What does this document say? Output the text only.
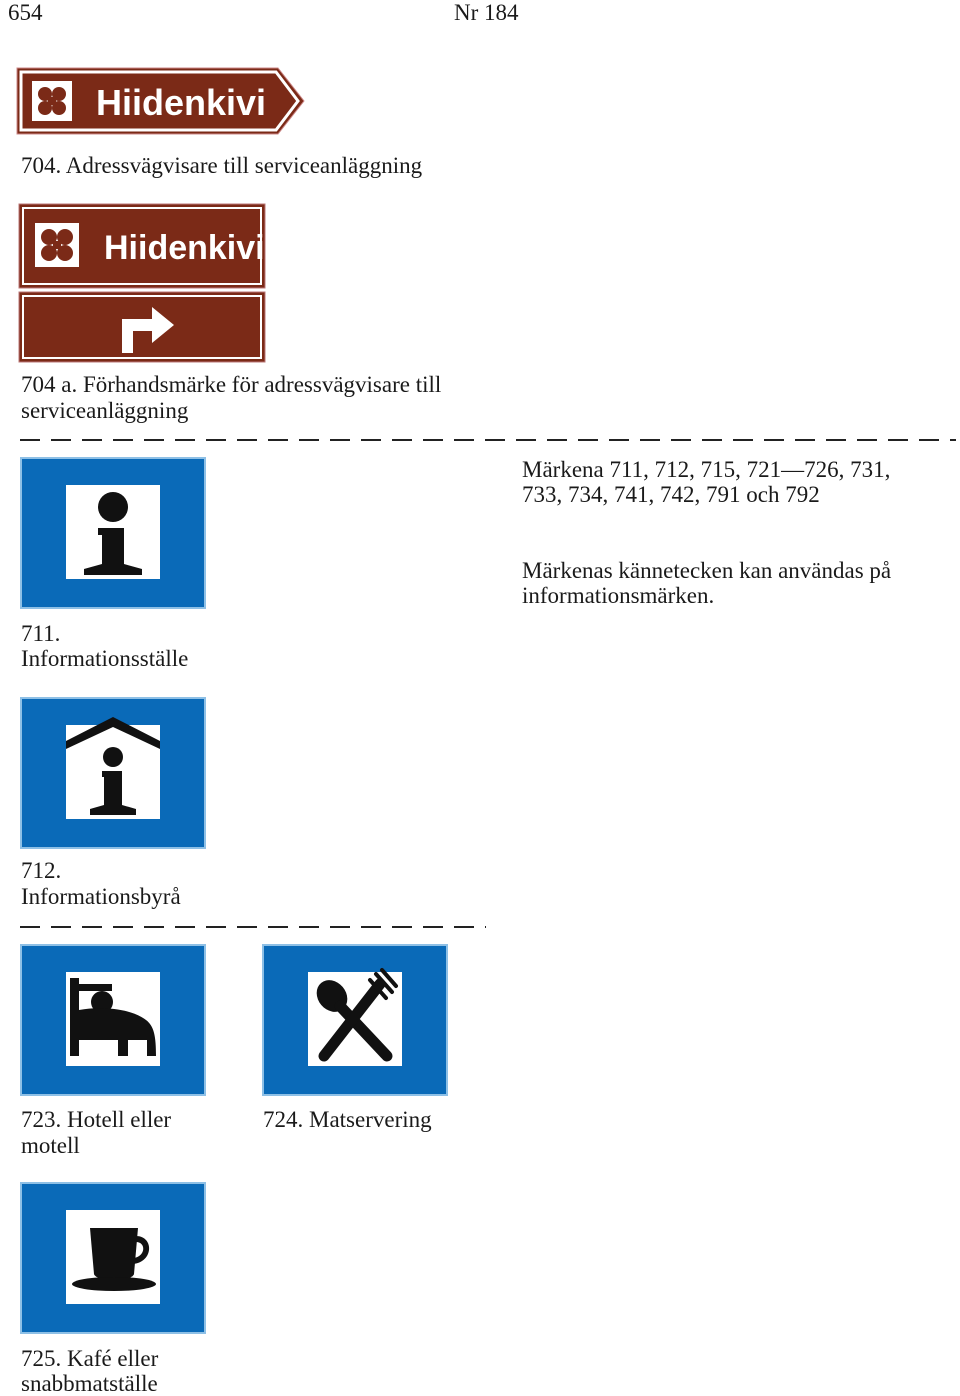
654	Nr 184
Hiidenkivi
704. Adressvägvisare till serviceanläggning
Hiidenkivi
704 a. Förhandsmärke för adressvägvisare till
serviceanläggning
Märkena 711, 712, 715, 721—726, 731,
733, 734, 741, 742, 791 och 792
Märkenas kännetecken kan användas på
informationsmärken.
711.
Informationsställe
712.
Informationsbyrå
723. Hotell eller
motell
724. Matservering
725. Kafé eller
snabbmatställe
